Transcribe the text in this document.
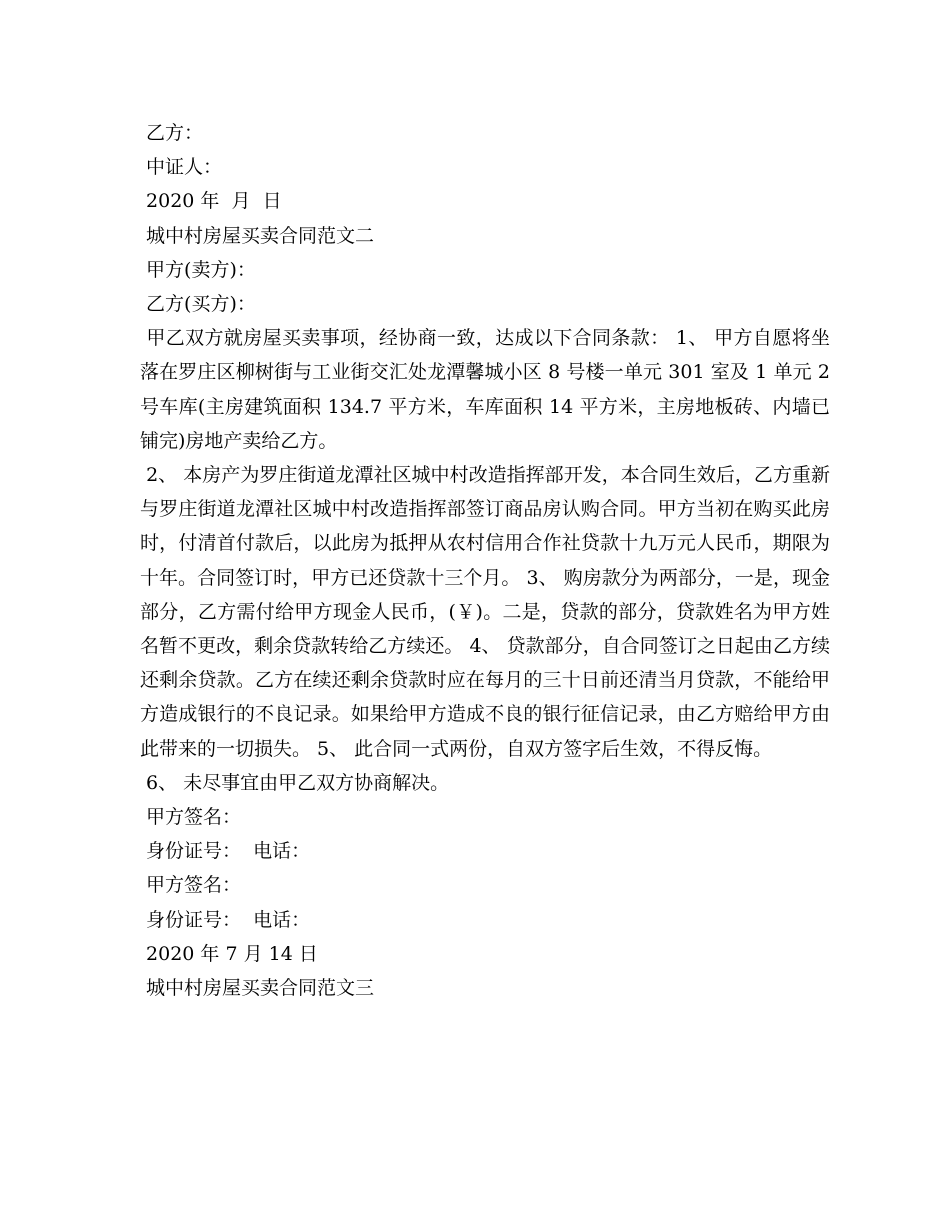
乙方：
中证人：
2020 年  月  日
城中村房屋买卖合同范文二
甲方(卖方)：
乙方(买方)：

甲乙双方就房屋买卖事项，经协商一致，达成以下合同条款： 1、 甲方自愿将坐落在罗庄区柳树街与工业街交汇处龙潭馨城小区 8 号楼一单元 301 室及 1 单元 2 号车库(主房建筑面积 134.7 平方米，车库面积 14 平方米，主房地板砖、内墙已铺完)房地产卖给乙方。

2、 本房产为罗庄街道龙潭社区城中村改造指挥部开发，本合同生效后，乙方重新与罗庄街道龙潭社区城中村改造指挥部签订商品房认购合同。甲方当初在购买此房时，付清首付款后，以此房为抵押从农村信用合作社贷款十九万元人民币，期限为十年。合同签订时，甲方已还贷款十三个月。 3、 购房款分为两部分，一是，现金部分，乙方需付给甲方现金人民币，(￥)。二是，贷款的部分，贷款姓名为甲方姓名暂不更改，剩余贷款转给乙方续还。 4、 贷款部分，自合同签订之日起由乙方续还剩余贷款。乙方在续还剩余贷款时应在每月的三十日前还清当月贷款，不能给甲方造成银行的不良记录。如果给甲方造成不良的银行征信记录，由乙方赔给甲方由此带来的一切损失。 5、 此合同一式两份，自双方签字后生效，不得反悔。

6、 未尽事宜由甲乙双方协商解决。
甲方签名：
身份证号：  电话：
甲方签名：
身份证号：  电话：
2020 年 7 月 14 日
城中村房屋买卖合同范文三
